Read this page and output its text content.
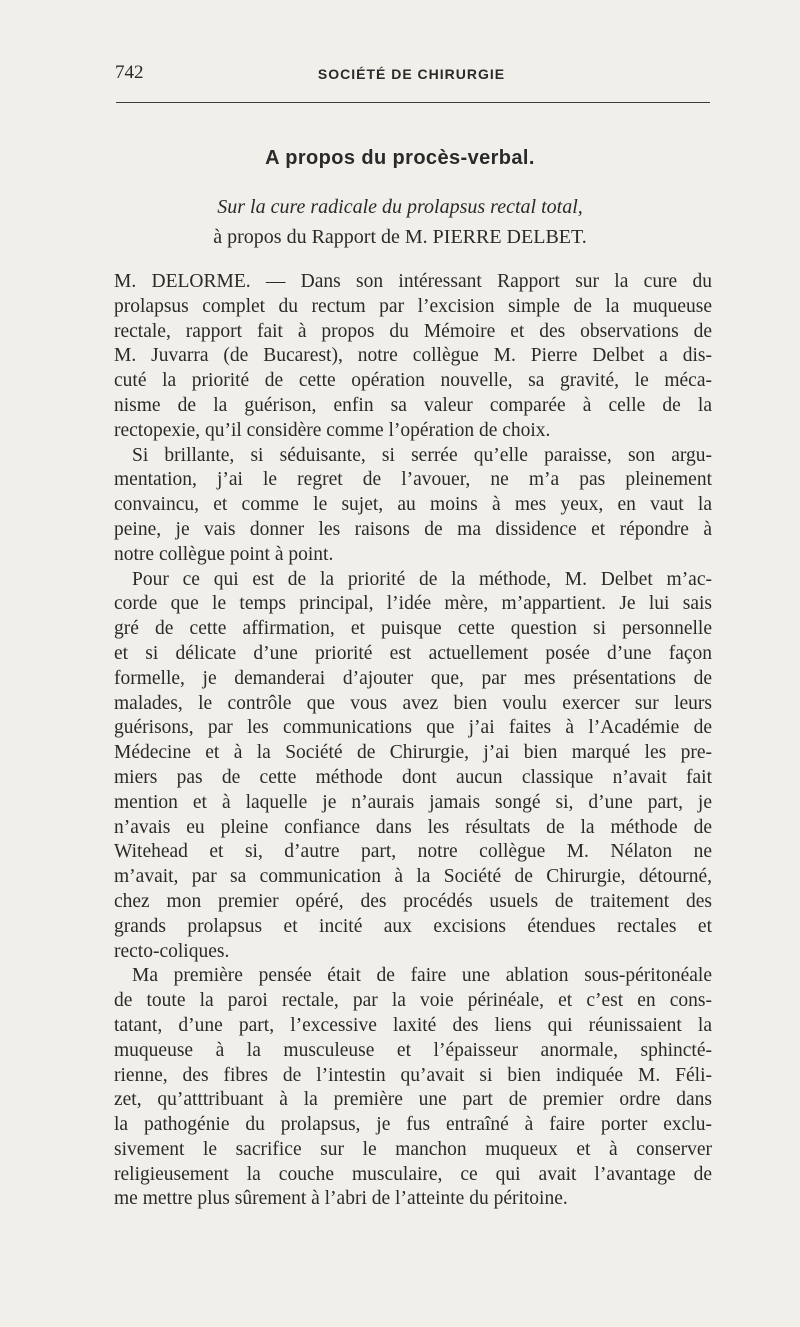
742	SOCIÉTÉ DE CHIRURGIE
A propos du procès-verbal.
Sur la cure radicale du prolapsus rectal total,
à propos du Rapport de M. PIERRE DELBET.
M. DELORME. — Dans son intéressant Rapport sur la cure du
prolapsus complet du rectum par l’excision simple de la muqueuse
rectale, rapport fait à propos du Mémoire et des observations de
M. Juvarra (de Bucarest), notre collègue M. Pierre Delbet a dis-
cuté la priorité de cette opération nouvelle, sa gravité, le méca-
nisme de la guérison, enfin sa valeur comparée à celle de la
rectopexie, qu’il considère comme l’opération de choix.
Si brillante, si séduisante, si serrée qu’elle paraisse, son argu-
mentation, j’ai le regret de l’avouer, ne m’a pas pleinement
convaincu, et comme le sujet, au moins à mes yeux, en vaut la
peine, je vais donner les raisons de ma dissidence et répondre à
notre collègue point à point.
Pour ce qui est de la priorité de la méthode, M. Delbet m’ac-
corde que le temps principal, l’idée mère, m’appartient. Je lui sais
gré de cette affirmation, et puisque cette question si personnelle
et si délicate d’une priorité est actuellement posée d’une façon
formelle, je demanderai d’ajouter que, par mes présentations de
malades, le contrôle que vous avez bien voulu exercer sur leurs
guérisons, par les communications que j’ai faites à l’Académie de
Médecine et à la Société de Chirurgie, j’ai bien marqué les pre-
miers pas de cette méthode dont aucun classique n’avait fait
mention et à laquelle je n’aurais jamais songé si, d’une part, je
n’avais eu pleine confiance dans les résultats de la méthode de
Witehead et si, d’autre part, notre collègue M. Nélaton ne
m’avait, par sa communication à la Société de Chirurgie, détourné,
chez mon premier opéré, des procédés usuels de traitement des
grands prolapsus et incité aux excisions étendues rectales et
recto-coliques.
Ma première pensée était de faire une ablation sous-péritonéale
de toute la paroi rectale, par la voie périnéale, et c’est en cons-
tatant, d’une part, l’excessive laxité des liens qui réunissaient la
muqueuse à la musculeuse et l’épaisseur anormale, sphincté-
rienne, des fibres de l’intestin qu’avait si bien indiquée M. Féli-
zet, qu’atttribuant à la première une part de premier ordre dans
la pathogénie du prolapsus, je fus entraîné à faire porter exclu-
sivement le sacrifice sur le manchon muqueux et à conserver
religieusement la couche musculaire, ce qui avait l’avantage de
me mettre plus sûrement à l’abri de l’atteinte du péritoine.
